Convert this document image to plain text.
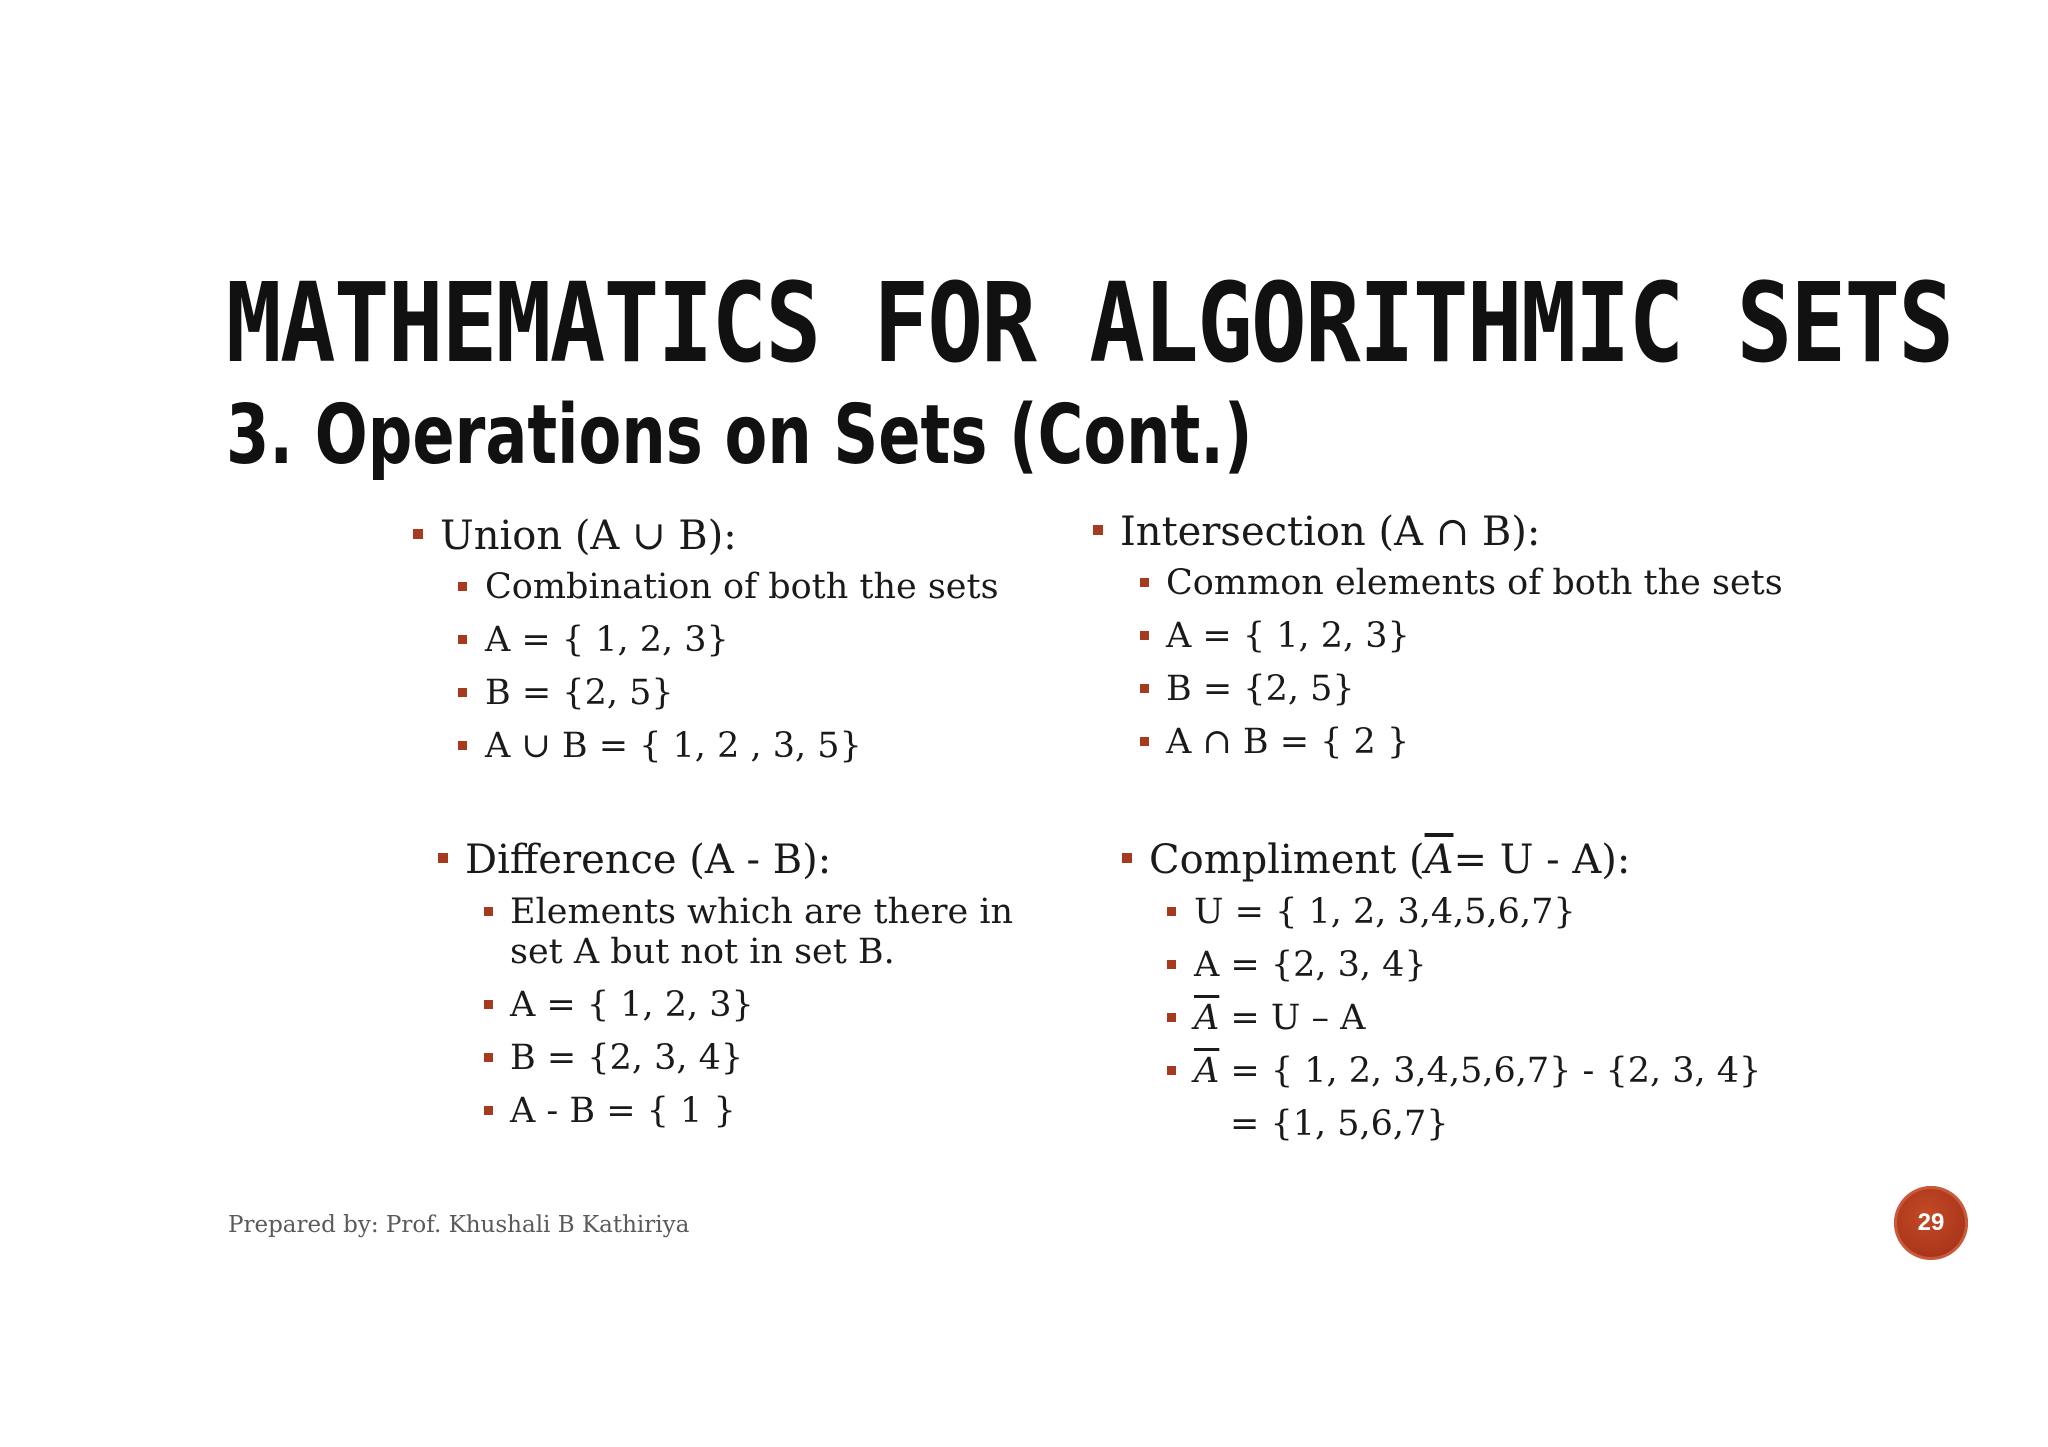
MATHEMATICS FOR ALGORITHMIC SETS
3. Operations on Sets (Cont.)
Union (A ∪ B):
Combination of both the sets
A = { 1, 2, 3}
B = {2, 5}
A ∪ B = { 1, 2 , 3, 5}
Intersection (A ∩ B):
Common elements of both the sets
A = { 1, 2, 3}
B = {2, 5}
A ∩ B = { 2 }
Difference (A - B):
Elements which are there in
set A but not in set B.
A = { 1, 2, 3}
B = {2, 3, 4}
A - B = { 1 }
Compliment $(\overline{A}= U - A)$:
U = { 1, 2, 3,4,5,6,7}
A = {2, 3, 4}
$\overline{A} = U - A$
$\overline{A}$ = { 1, 2, 3,4,5,6,7} - {2, 3, 4}
= {1, 5,6,7}
Prepared by: Prof. Khushali B Kathiriya	29
